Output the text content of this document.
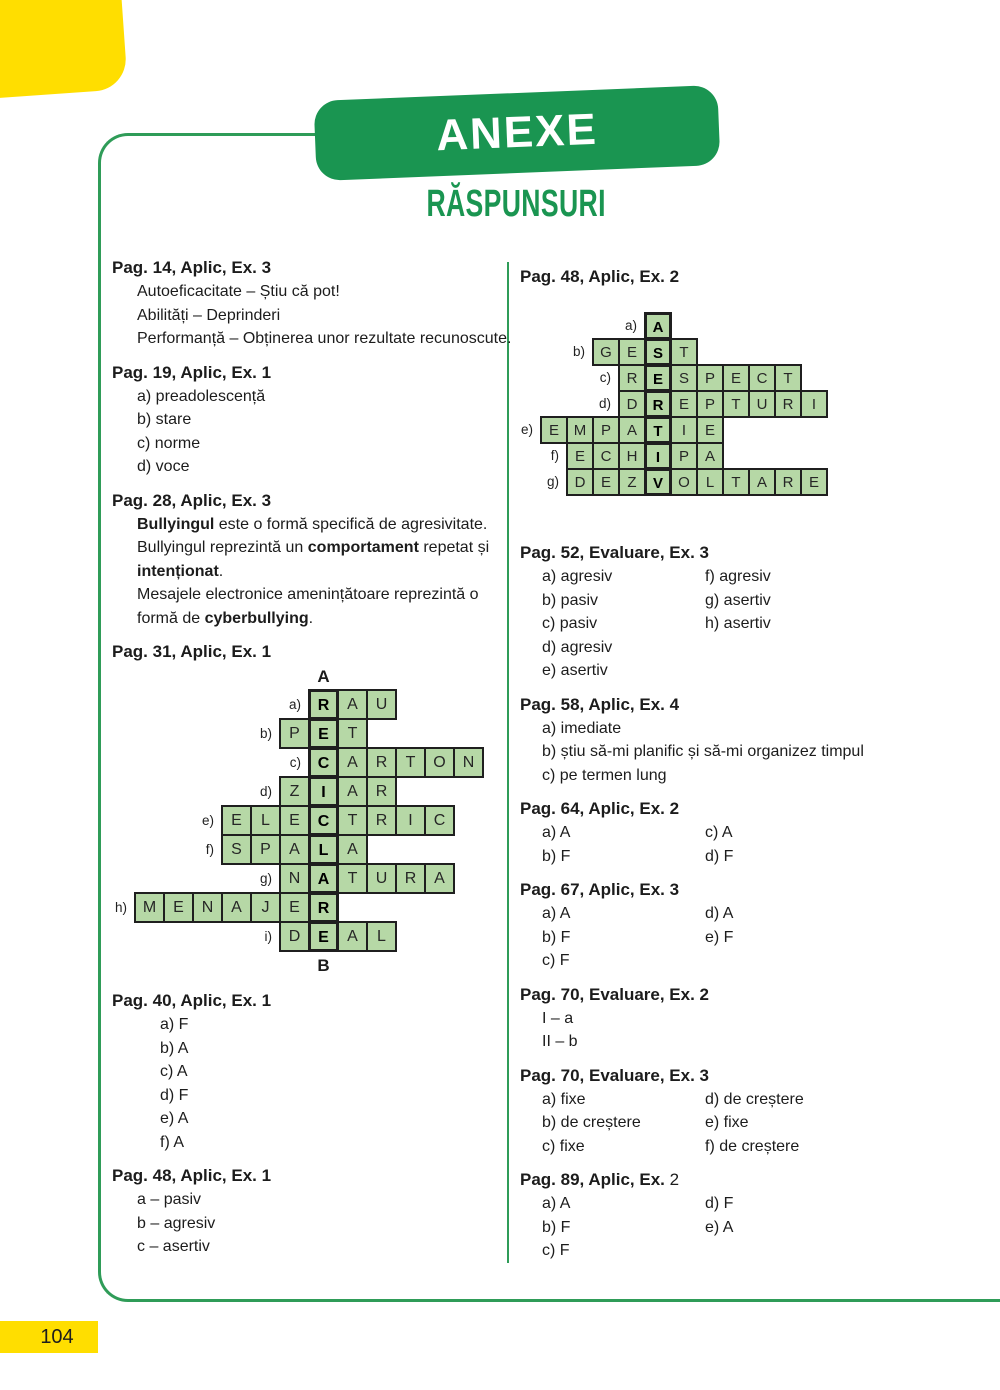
ANEXE
RĂSPUNSURI
Pag. 14, Aplic, Ex. 3
Autoeficacitate – Știu că pot!
Abilități – Deprinderi
Performanță – Obținerea unor rezultate recunoscute.
Pag. 19, Aplic, Ex. 1
a) preadolescență
b) stare
c) norme
d) voce
Pag. 28, Aplic, Ex. 3
Bullyingul este o formă specifică de agresivitate.
Bullyingul reprezintă un comportament repetat și
intenționat.
Mesajele electronice amenințătoare reprezintă o
formă de cyberbullying.
Pag. 31, Aplic, Ex. 1
A
a)	R	A	U
b)	P	E	T
c)	C	A	R	T	O	N
d)	Z	I	A	R
e)	E	L	E	C	T	R	I	C
f)	S	P	A	L	A
g)	N	A	T	U	R	A
h) M	E	N	A	J	E	R
i)	D	E	A	L
B
Pag. 40, Aplic, Ex. 1
a) F
b) A
c) A
d) F
e) A
f) A
Pag. 48, Aplic, Ex. 1
a – pasiv
b – agresiv
c – asertiv
Pag. 48, Aplic, Ex. 2
a)	A
b)	G	E	S	T
c)	R	E	S	P	E	C	T
d)	D	R	E	P	T	U	R	I
e)	E M P	A	T	I	E
f)	E	C	H	I	P	A
g)	D	E	Z	V	O	L	T	A	R	E
Pag. 52, Evaluare, Ex. 3
a) agresiv	f) agresiv
b) pasiv	g) asertiv
c) pasiv	h) asertiv
d) agresiv
e) asertiv
Pag. 58, Aplic, Ex. 4
a) imediate
b) știu să-mi planific și să-mi organizez timpul
c) pe termen lung
Pag. 64, Aplic, Ex. 2
a) A	c) A
b) F	d) F
Pag. 67, Aplic, Ex. 3
a) A	d) A
b) F	e) F
c) F
Pag. 70, Evaluare, Ex. 2
I – a
II – b
Pag. 70, Evaluare, Ex. 3
a) fixe	d) de creștere
b) de creștere	e) fixe
c) fixe	f) de creștere
Pag. 89, Aplic, Ex. 2
a) A	d) F
b) F	e) A
c) F
104
